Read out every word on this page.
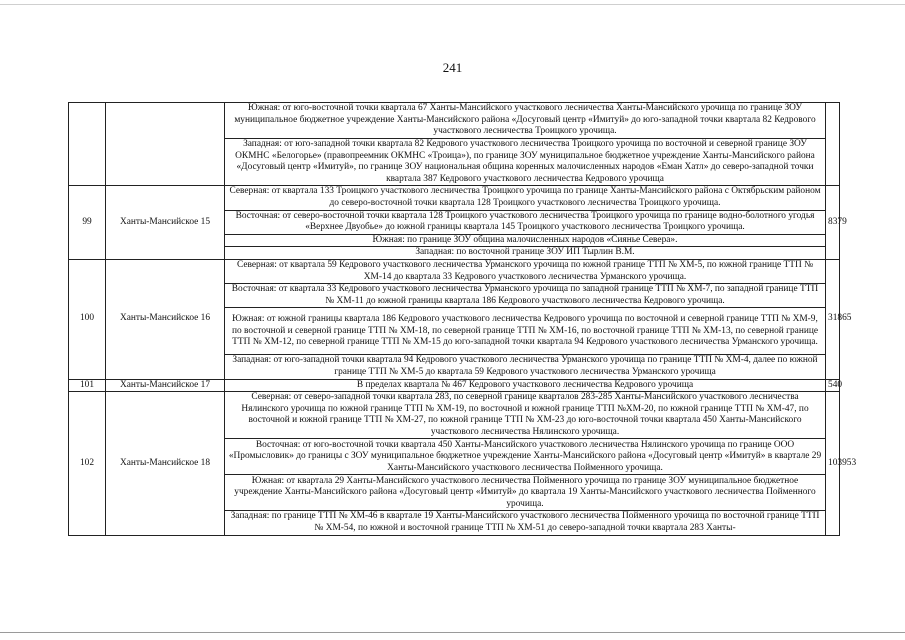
241
		Южная: от юго-восточной точки квартала 67 Ханты-Мансийского участкового лесничества Ханты-Мансийского урочища по границе ЗОУ муниципальное бюджетное учреждение Ханты-Мансийского района «Досуговый центр «Имитуй» до юго-западной точки квартала 82 Кедрового участкового лесничества Троицкого урочища.	
		Западная: от юго-западной точки квартала 82 Кедрового участкового лесничества Троицкого урочища по восточной и северной границе ЗОУ ОКМНС «Белогорье» (правопреемник ОКМНС «Троица»), по границе ЗОУ муниципальное бюджетное учреждение Ханты-Мансийского района «Досуговый центр «Имитуй», по границе ЗОУ национальная община коренных малочисленных народов «Еман Хатл» до северо-западной точки квартала 387 Кедрового участкового лесничества Кедрового урочища	
99	Ханты-Мансийское 15	Северная: от квартала 133 Троицкого участкового лесничества Троицкого урочища по границе Ханты-Мансийского района с Октябрьским районом до северо-восточной точки квартала 128 Троицкого участкового лесничества Троицкого урочища.	8379
		Восточная: от северо-восточной точки квартала 128 Троицкого участкового лесничества Троицкого урочища по границе водно-болотного угодья «Верхнее Двуобье» до южной границы квартала 145 Троицкого участкового лесничества Троицкого урочища.	
		Южная: по границе ЗОУ община малочисленных народов «Сиянье Севера».	
		Западная: по восточной границе ЗОУ ИП Тырлин В.М.	
100	Ханты-Мансийское 16	Северная: от квартала 59 Кедрового участкового лесничества Урманского урочища по южной границе ТТП № ХМ-5, по южной границе ТТП № ХМ-14 до квартала 33 Кедрового участкового лесничества Урманского урочища.	31865
		Восточная: от квартала 33 Кедрового участкового лесничества Урманского урочища по западной границе ТТП № ХМ-7, по западной границе ТТП № ХМ-11 до южной границы квартала 186 Кедрового участкового лесничества Кедрового урочища.	
		Южная: от южной границы квартала 186 Кедрового участкового лесничества Кедрового урочища по восточной и северной границе ТТП № ХМ-9, по восточной и северной границе ТТП № ХМ-18, по северной границе ТТП № ХМ-16, по восточной границе ТТП № ХМ-13, по северной границе ТТП № ХМ-12, по северной границе ТТП № ХМ-15 до юго-западной точки квартала 94 Кедрового участкового лесничества Урманского урочища.	
		Западная: от юго-западной точки квартала 94 Кедрового участкового лесничества Урманского урочища по границе ТТП № ХМ-4, далее по южной границе ТТП № ХМ-5 до квартала 59 Кедрового участкового лесничества Урманского урочища	
101	Ханты-Мансийское 17	В пределах квартала № 467 Кедрового участкового лесничества Кедрового урочища	540
102	Ханты-Мансийское 18	Северная: от северо-западной точки квартала 283, по северной границе кварталов 283-285 Ханты-Мансийского участкового лесничества Нялинского урочища по южной границе ТТП № ХМ-19, по восточной и южной границе ТТП №ХМ-20, по южной границе ТТП № ХМ-47, по восточной и южной границе ТТП № ХМ-27, по южной границе ТТП № ХМ-23 до юго-восточной точки квартала 450 Ханты-Мансийского участкового лесничества Нялинского урочища.	103953
		Восточная: от юго-восточной точки квартала 450 Ханты-Мансийского участкового лесничества Нялинского урочища по границе ООО «Промысловик» до границы с ЗОУ муниципальное бюджетное учреждение Ханты-Мансийского района «Досуговый центр «Имитуй» в квартале 29 Ханты-Мансийского участкового лесничества Пойменного урочища.	
		Южная: от квартала 29 Ханты-Мансийского участкового лесничества Пойменного урочища по границе ЗОУ муниципальное бюджетное учреждение Ханты-Мансийского района «Досуговый центр «Имитуй» до квартала 19 Ханты-Мансийского участкового лесничества Пойменного урочища.	
		Западная: по границе ТТП № ХМ-46 в квартале 19 Ханты-Мансийского участкового лесничества Пойменного урочища по восточной границе ТТП № ХМ-54, по южной и восточной границе ТТП № ХМ-51 до северо-западной точки квартала 283 Ханты-	
